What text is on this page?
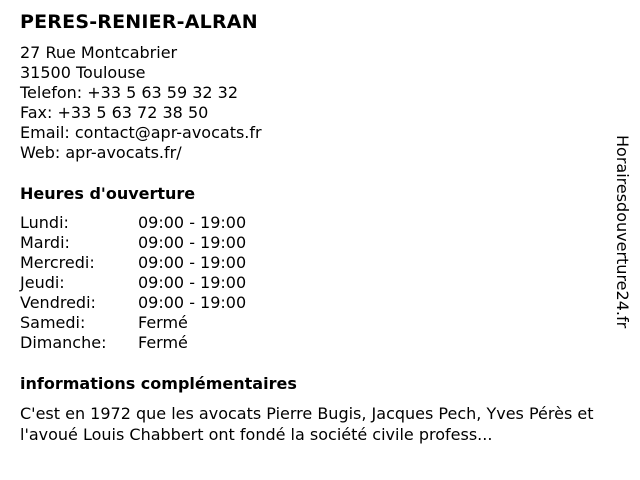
PERES-RENIER-ALRAN
27 Rue Montcabrier
31500 Toulouse
Telefon: +33 5 63 59 32 32
Fax: +33 5 63 72 38 50
Email: contact@apr-avocats.fr
Web: apr-avocats.fr/
Heures d'ouverture
Lundi:	09:00 - 19:00
Mardi:	09:00 - 19:00
Mercredi:	09:00 - 19:00
Jeudi:	09:00 - 19:00
Vendredi:	09:00 - 19:00
Samedi:	Fermé
Dimanche: Fermé
informations complémentaires
C'est en 1972 que les avocats Pierre Bugis, Jacques Pech, Yves Pérès et l'avoué Louis Chabbert ont fondé la société civile profess...
Horairesdouverture24.fr
